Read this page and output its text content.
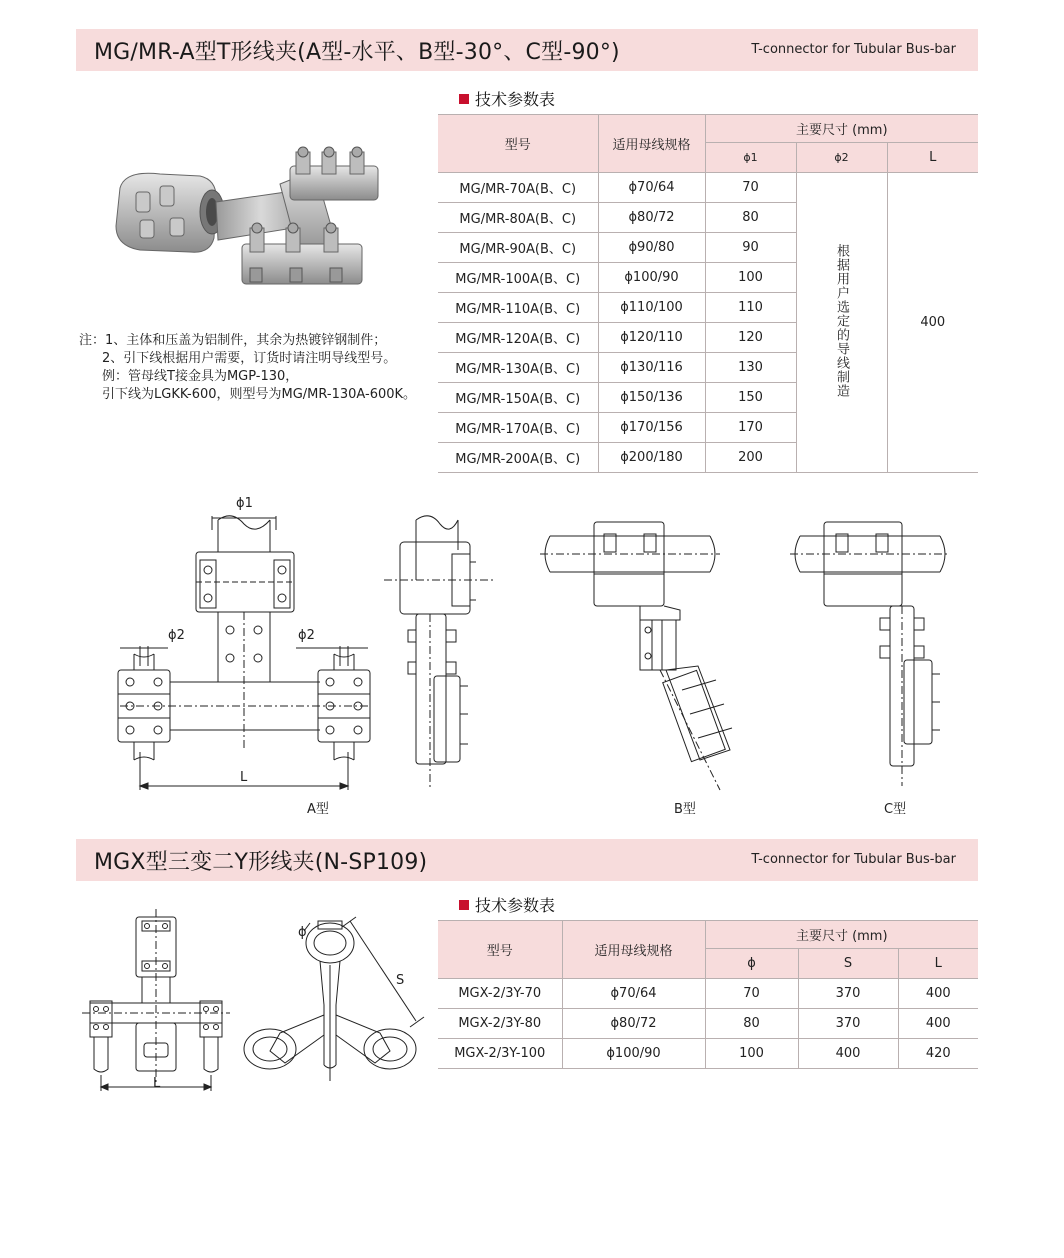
MG/MR-A型T形线夹(A型-水平、B型-30°、C型-90°)	T-connector for Tubular Bus-bar
注：1、主体和压盖为铝制件，其余为热镀锌钢制件；
2、引下线根据用户需要，订货时请注明导线型号。
例：管母线T接金具为MGP-130，
引下线为LGKK-600，则型号为MG/MR-130A-600K。
技术参数表
型号	适用母线规格	主要尺寸 (mm)		
		ϕ1	ϕ2	L
MG/MR-70A(B、C)	ϕ70/64	70	根据用户选定的导线制造	400
MG/MR-80A(B、C)	ϕ80/72	80		
MG/MR-90A(B、C)	ϕ90/80	90		
MG/MR-100A(B、C)	ϕ100/90	100		
MG/MR-110A(B、C)	ϕ110/100	110		
MG/MR-120A(B、C)	ϕ120/110	120		
MG/MR-130A(B、C)	ϕ130/116	130		
MG/MR-150A(B、C)	ϕ150/136	150		
MG/MR-170A(B、C)	ϕ170/156	170		
MG/MR-200A(B、C)	ϕ200/180	200		
ϕ1
ϕ2	ϕ2
L
A型	B型	C型
MGX型三变二Y形线夹(N-SP109)	T-connector for Tubular Bus-bar
技术参数表
型号	适用母线规格	主要尺寸 (mm)		
		ϕ	S	L
MGX-2/3Y-70	ϕ70/64	70	370	400
MGX-2/3Y-80	ϕ80/72	80	370	400
MGX-2/3Y-100	ϕ100/90	100	400	420
L
ϕ
S
